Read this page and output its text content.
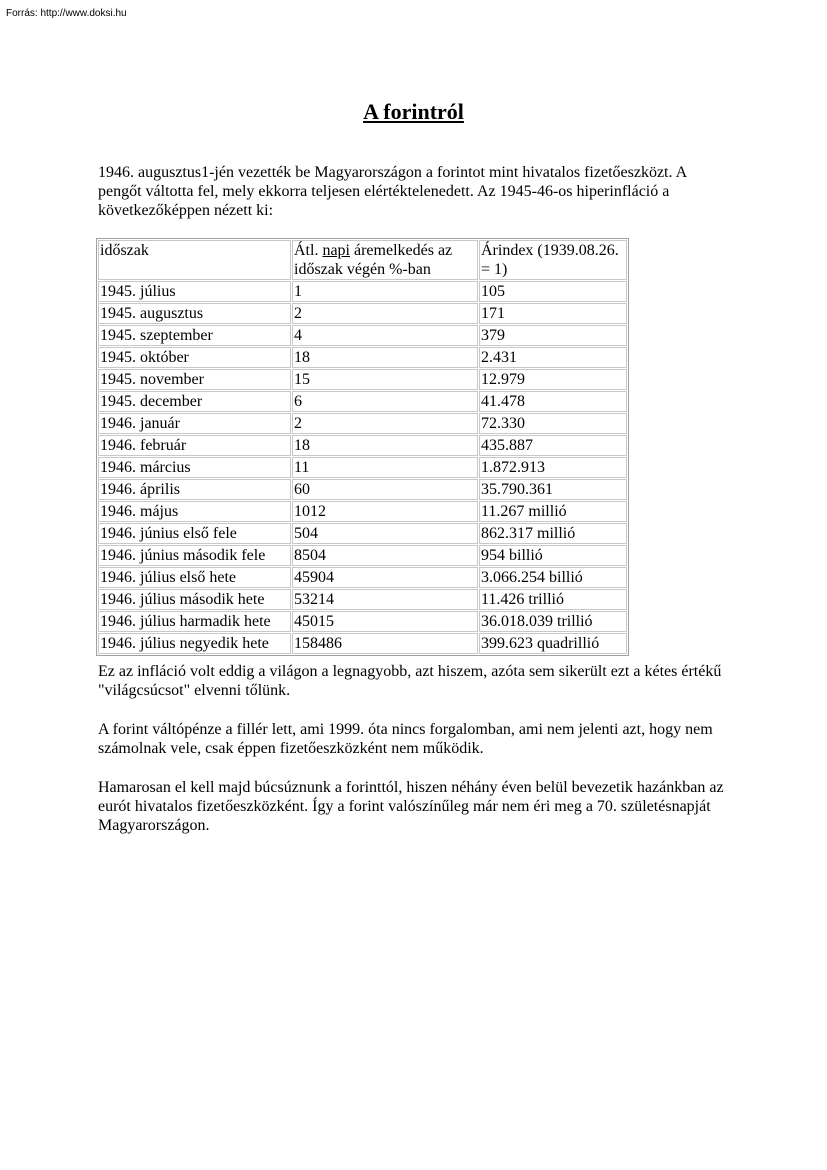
Forrás: http://www.doksi.hu
A forintról

1946. augusztus1-jén vezették be Magyarországon a forintot mint hivatalos fizetőeszközt. A pengőt váltotta fel, mely ekkorra teljesen elértéktelenedett. Az 1945-46-os hiperinfláció a következőképpen nézett ki:

időszak	Átl. napi áremelkedés az időszak végén %-ban	Árindex (1939.08.26. = 1)
1945. július	1	105
1945. augusztus	2	171
1945. szeptember	4	379
1945. október	18	2.431
1945. november	15	12.979
1945. december	6	41.478
1946. január	2	72.330
1946. február	18	435.887
1946. március	11	1.872.913
1946. április	60	35.790.361
1946. május	1012	11.267 millió
1946. június első fele	504	862.317 millió
1946. június második fele	8504	954 billió
1946. július első hete	45904	3.066.254 billió
1946. július második hete	53214	11.426 trillió
1946. július harmadik hete	45015	36.018.039 trillió
1946. július negyedik hete	158486	399.623 quadrillió

Ez az infláció volt eddig a világon a legnagyobb, azt hiszem, azóta sem sikerült ezt a kétes értékű "világcsúcsot" elvenni tőlünk.

A forint váltópénze a fillér lett, ami 1999. óta nincs forgalomban, ami nem jelenti azt, hogy nem számolnak vele, csak éppen fizetőeszközként nem működik.

Hamarosan el kell majd búcsúznunk a forinttól, hiszen néhány éven belül bevezetik hazánkban az eurót hivatalos fizetőeszközként. Így a forint valószínűleg már nem éri meg a 70. születésnapját Magyarországon.
